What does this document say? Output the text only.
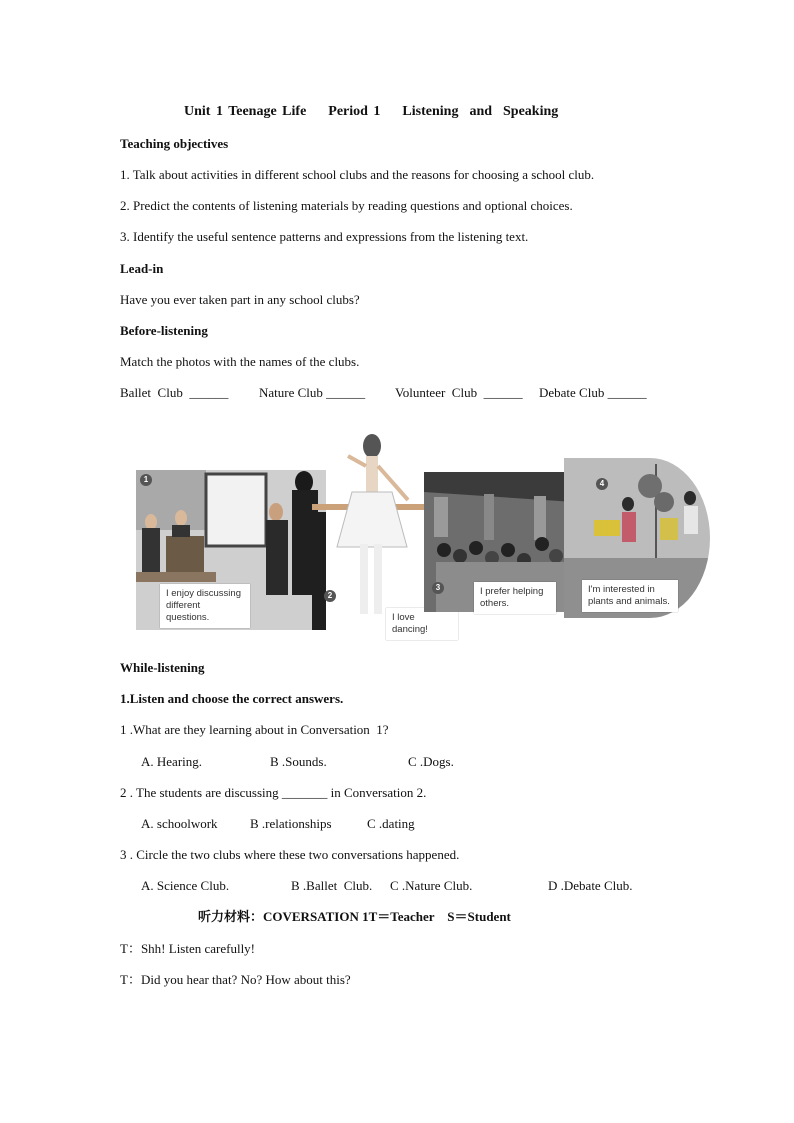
Unit 1 Teenage Life    Period 1    Listening  and  Speaking
Teaching objectives
1. Talk about activities in different school clubs and the reasons for choosing a school club.
2. Predict the contents of listening materials by reading questions and optional choices.
3. Identify the useful sentence patterns and expressions from the listening text.
Lead-in
Have you ever taken part in any school clubs?
Before-listening
Match the photos with the names of the clubs.
Ballet  Club  ______ Nature Club ______ Volunteer  Club  ______ Debate Club ______
1
I enjoy discussing different questions.
2
I love dancing!
3	I prefer helping others.
4
I'm interested in plants and animals.
While-listening
1.Listen and choose the correct answers.
1 .What are they learning about in Conversation  1?
A. Hearing.	B .Sounds.	C .Dogs.
2 . The students are discussing _______ in Conversation 2.
A. schoolwork B .relationships	C .dating
3 . Circle the two clubs where these two conversations happened.
A. Science Club.	B .Ballet  Club. C .Nature Club.	D .Debate Club.
听力材料：COVERSATION 1T＝Teacher    S＝Student
T：Shh! Listen carefully!
T：Did you hear that? No? How about this?
